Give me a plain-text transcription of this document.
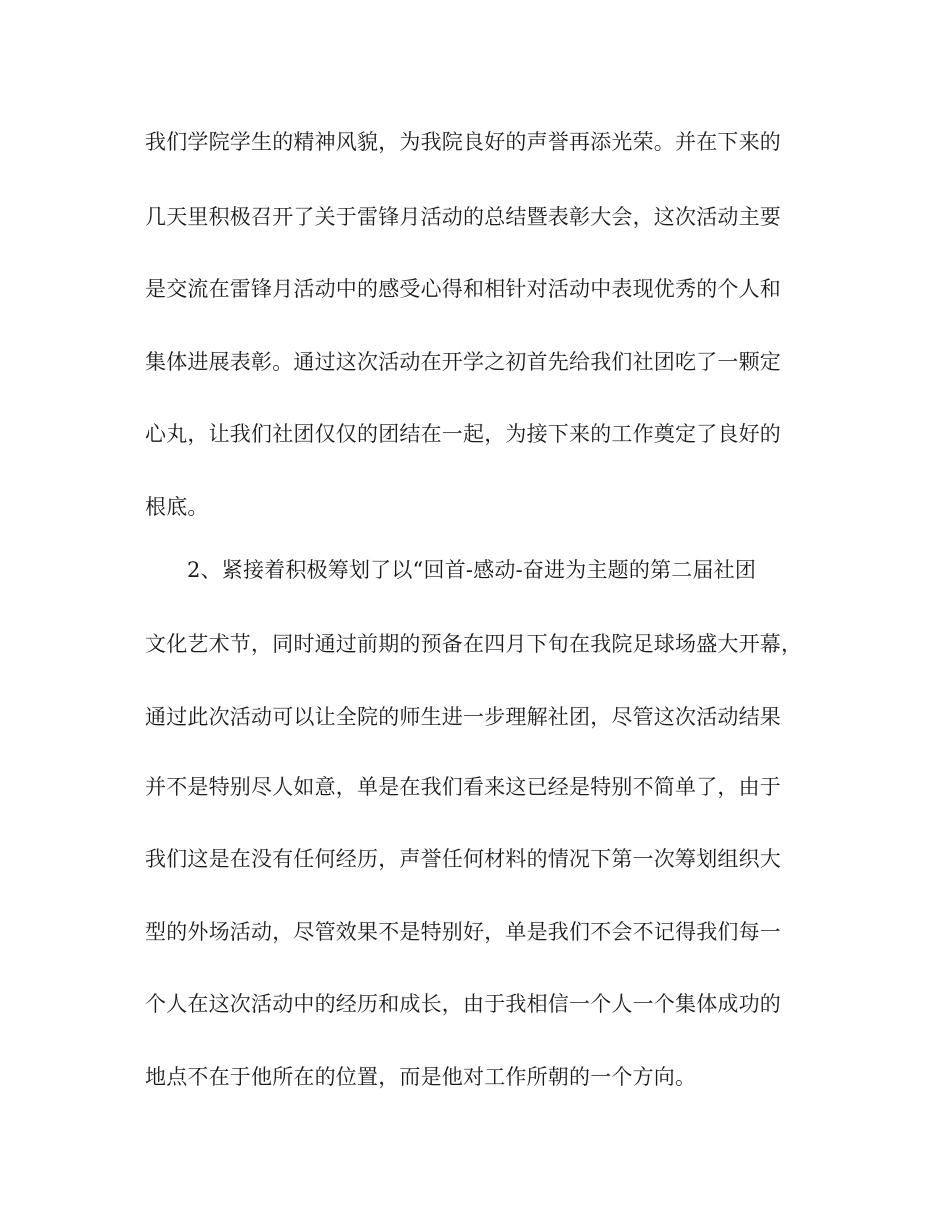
我们学院学生的精神风貌，为我院良好的声誉再添光荣。并在下来的
几天里积极召开了关于雷锋月活动的总结暨表彰大会，这次活动主要
是交流在雷锋月活动中的感受心得和相针对活动中表现优秀的个人和
集体进展表彰。通过这次活动在开学之初首先给我们社团吃了一颗定
心丸，让我们社团仅仅的团结在一起，为接下来的工作奠定了良好的
根底。
2、紧接着积极筹划了以“回首-感动-奋进为主题的第二届社团
文化艺术节，同时通过前期的预备在四月下旬在我院足球场盛大开幕，
通过此次活动可以让全院的师生进一步理解社团，尽管这次活动结果
并不是特别尽人如意，单是在我们看来这已经是特别不简单了，由于
我们这是在没有任何经历，声誉任何材料的情况下第一次筹划组织大
型的外场活动，尽管效果不是特别好，单是我们不会不记得我们每一
个人在这次活动中的经历和成长，由于我相信一个人一个集体成功的
地点不在于他所在的位置，而是他对工作所朝的一个方向。
